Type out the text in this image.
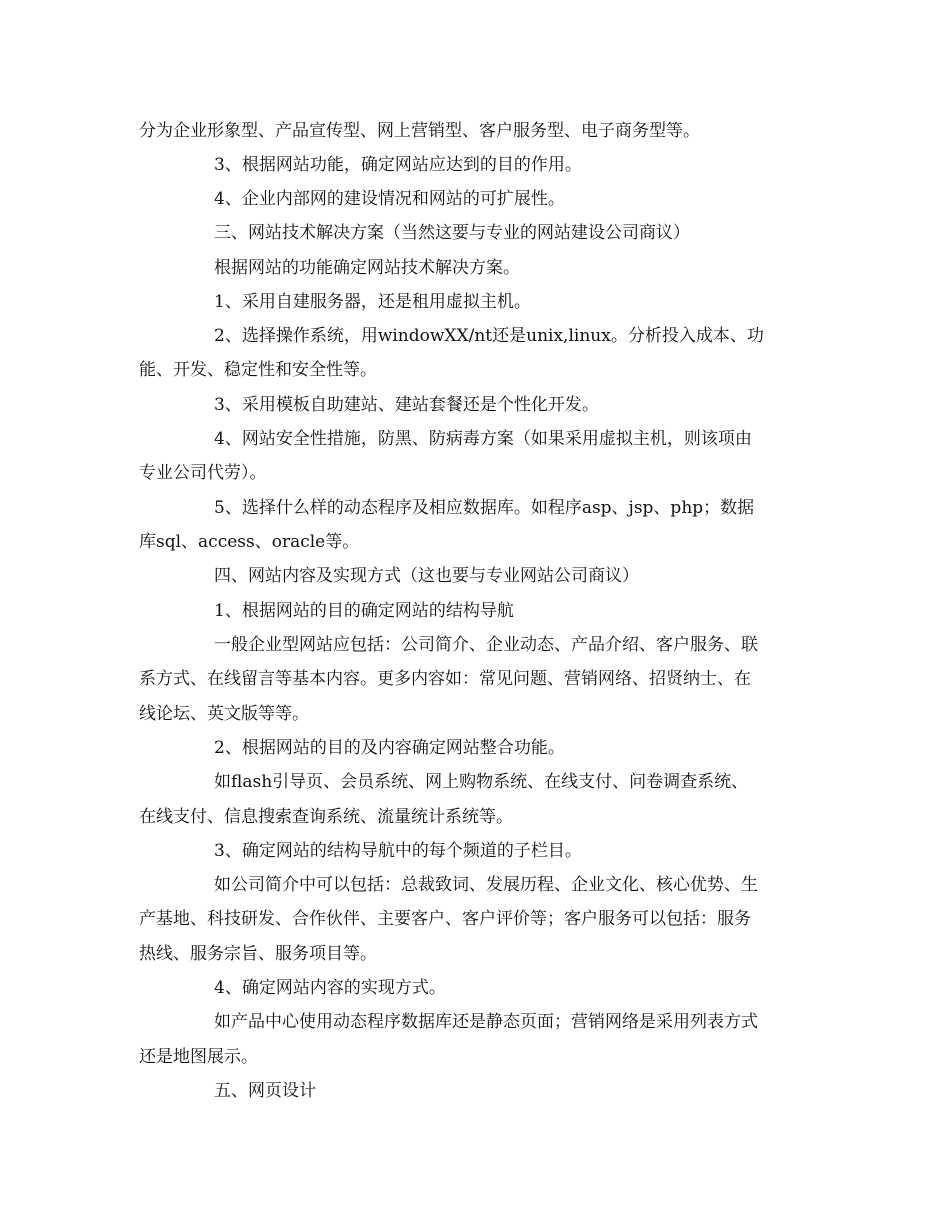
分为企业形象型、产品宣传型、网上营销型、客户服务型、电子商务型等。
3、根据网站功能，确定网站应达到的目的作用。
4、企业内部网的建设情况和网站的可扩展性。
三、网站技术解决方案（当然这要与专业的网站建设公司商议）
根据网站的功能确定网站技术解决方案。
1、采用自建服务器，还是租用虚拟主机。
2、选择操作系统，用windowXX/nt还是unix,linux。分析投入成本、功
能、开发、稳定性和安全性等。
3、采用模板自助建站、建站套餐还是个性化开发。
4、网站安全性措施，防黑、防病毒方案（如果采用虚拟主机，则该项由
专业公司代劳）。
5、选择什么样的动态程序及相应数据库。如程序asp、jsp、php；数据
库sql、access、oracle等。
四、网站内容及实现方式（这也要与专业网站公司商议）
1、根据网站的目的确定网站的结构导航
一般企业型网站应包括：公司简介、企业动态、产品介绍、客户服务、联
系方式、在线留言等基本内容。更多内容如：常见问题、营销网络、招贤纳士、在
线论坛、英文版等等。
2、根据网站的目的及内容确定网站整合功能。
如flash引导页、会员系统、网上购物系统、在线支付、问卷调查系统、
在线支付、信息搜索查询系统、流量统计系统等。
3、确定网站的结构导航中的每个频道的子栏目。
如公司简介中可以包括：总裁致词、发展历程、企业文化、核心优势、生
产基地、科技研发、合作伙伴、主要客户、客户评价等；客户服务可以包括：服务
热线、服务宗旨、服务项目等。
4、确定网站内容的实现方式。
如产品中心使用动态程序数据库还是静态页面；营销网络是采用列表方式
还是地图展示。
五、网页设计
